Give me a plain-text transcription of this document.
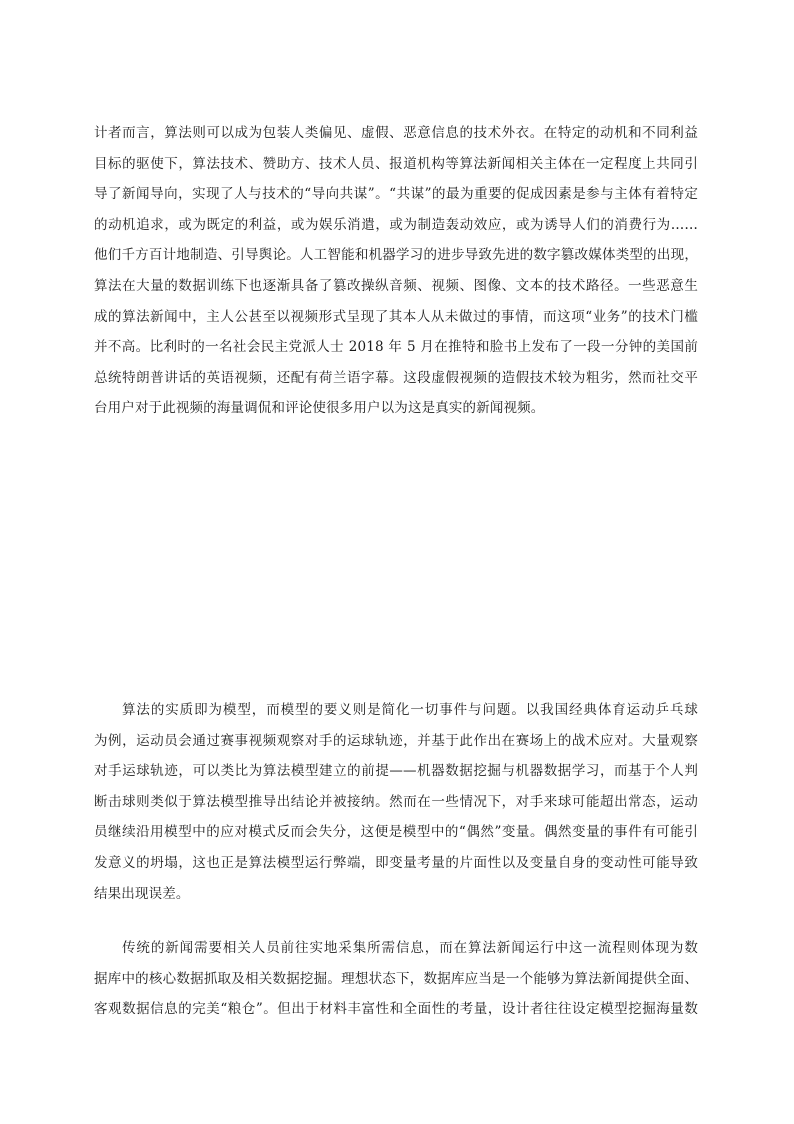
计者而言，算法则可以成为包装人类偏见、虚假、恶意信息的技术外衣。在特定的动机和不同利益
目标的驱使下，算法技术、赞助方、技术人员、报道机构等算法新闻相关主体在一定程度上共同引
导了新闻导向，实现了人与技术的“导向共谋”。“共谋”的最为重要的促成因素是参与主体有着特定
的动机追求，或为既定的利益，或为娱乐消遣，或为制造轰动效应，或为诱导人们的消费行为……
他们千方百计地制造、引导舆论。人工智能和机器学习的进步导致先进的数字篡改媒体类型的出现，
算法在大量的数据训练下也逐渐具备了篡改操纵音频、视频、图像、文本的技术路径。一些恶意生
成的算法新闻中，主人公甚至以视频形式呈现了其本人从未做过的事情，而这项“业务”的技术门槛
并不高。比利时的一名社会民主党派人士 2018 年 5 月在推特和脸书上发布了一段一分钟的美国前
总统特朗普讲话的英语视频，还配有荷兰语字幕。这段虚假视频的造假技术较为粗劣，然而社交平
台用户对于此视频的海量调侃和评论使很多用户以为这是真实的新闻视频。
算法的实质即为模型，而模型的要义则是简化一切事件与问题。以我国经典体育运动乒乓球
为例，运动员会通过赛事视频观察对手的运球轨迹，并基于此作出在赛场上的战术应对。大量观察
对手运球轨迹，可以类比为算法模型建立的前提——机器数据挖掘与机器数据学习，而基于个人判
断击球则类似于算法模型推导出结论并被接纳。然而在一些情况下，对手来球可能超出常态，运动
员继续沿用模型中的应对模式反而会失分，这便是模型中的“偶然”变量。偶然变量的事件有可能引
发意义的坍塌，这也正是算法模型运行弊端，即变量考量的片面性以及变量自身的变动性可能导致
结果出现误差。
传统的新闻需要相关人员前往实地采集所需信息，而在算法新闻运行中这一流程则体现为数
据库中的核心数据抓取及相关数据挖掘。理想状态下，数据库应当是一个能够为算法新闻提供全面、
客观数据信息的完美“粮仓”。但出于材料丰富性和全面性的考量，设计者往往设定模型挖掘海量数
